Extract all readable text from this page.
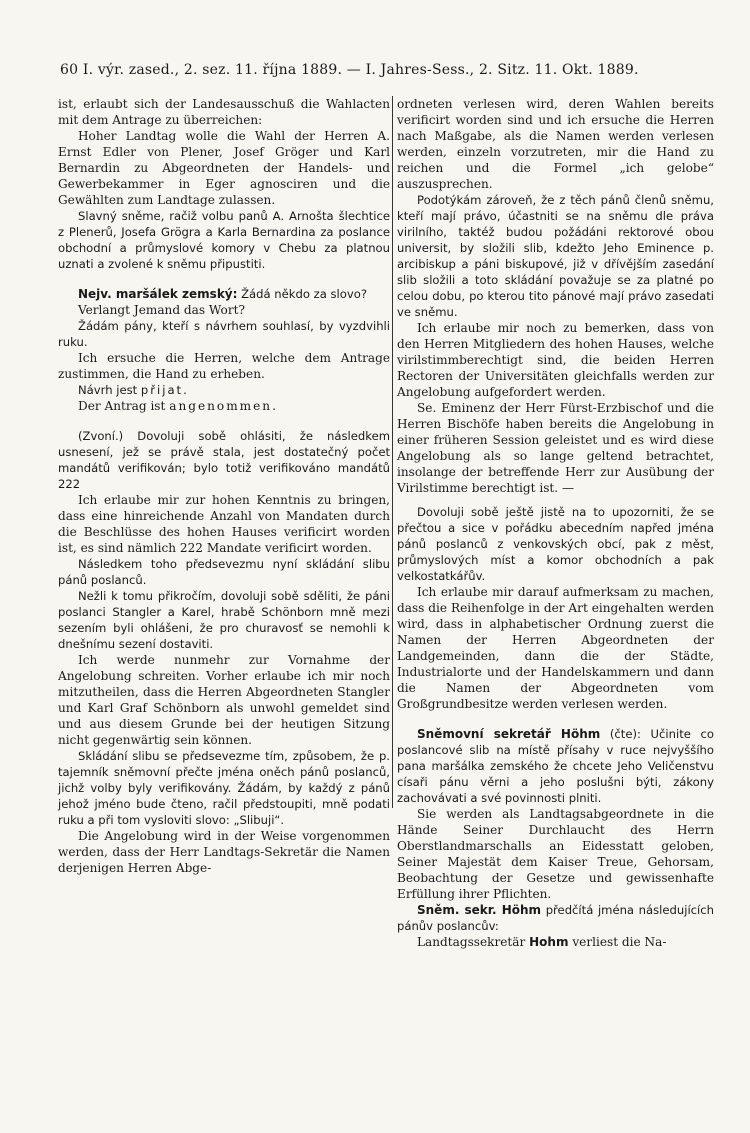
60 I. výr. zased., 2. sez. 11. října 1889. — I. Jahres-Sess., 2. Sitz. 11. Okt. 1889.

ist, erlaubt sich der Landesausschuß die Wahlacten mit dem Antrage zu überreichen:

Hoher Landtag wolle die Wahl der Herren A. Ernst Edler von Plener, Josef Gröger und Karl Bernardin zu Abgeordneten der Handels- und Gewerbekammer in Eger agnosciren und die Gewählten zum Landtage zulassen.

Slavný sněme, račiž volbu panů A. Arnošta šlechtice z Plenerů, Josefa Grögra a Karla Bernardina za poslance obchodní a průmyslové komory v Chebu za platnou uznati a zvolené k sněmu připustiti.

Nejv. maršálek zemský: Žádá někdo za slovo?

Verlangt Jemand das Wort?

Žádám pány, kteří s návrhem souhlasí, by vyzdvihli ruku.

Ich ersuche die Herren, welche dem Antrage zustimmen, die Hand zu erheben.

Návrh jest přijat.

Der Antrag ist angenommen.

(Zvoní.) Dovoluji sobě ohlásiti, že následkem usnesení, jež se právě stala, jest dostatečný počet mandátů verifikován; bylo totiž verifikováno mandátů 222

Ich erlaube mir zur hohen Kenntnis zu bringen, dass eine hinreichende Anzahl von Mandaten durch die Beschlüsse des hohen Hauses verificirt worden ist, es sind nämlich 222 Mandate verificirt worden.

Následkem toho předsevezmu nyní skládání slibu pánů poslanců.

Nežli k tomu přikročím, dovoluji sobě sděliti, že páni poslanci Stangler a Karel, hrabě Schönborn mně mezi sezením byli ohlášeni, že pro churavosť se nemohli k dnešnímu sezení dostaviti.

Ich werde nunmehr zur Vornahme der Angelobung schreiten. Vorher erlaube ich mir noch mitzutheilen, dass die Herren Abgeordneten Stangler und Karl Graf Schönborn als unwohl gemeldet sind und aus diesem Grunde bei der heutigen Sitzung nicht gegenwärtig sein können.

Skládání slibu se předsevezme tím, způsobem, že p. tajemník sněmovní přečte jména oněch pánů poslanců, jichž volby byly verifikovány. Žádám, by každý z pánů jehož jméno bude čteno, račil předstoupiti, mně podati ruku a při tom vysloviti slovo: „Slibuji“.

Die Angelobung wird in der Weise vorgenommen werden, dass der Herr Landtags-Sekretär die Namen derjenigen Herren Abge-

ordneten verlesen wird, deren Wahlen bereits verificirt worden sind und ich ersuche die Herren nach Maßgabe, als die Namen werden verlesen werden, einzeln vorzutreten, mir die Hand zu reichen und die Formel „ich gelobe“ auszusprechen.

Podotýkám zároveň, že z těch pánů členů sněmu, kteří mají právo, účastniti se na sněmu dle práva virilního, taktéž budou požádáni rektorové obou universit, by složili slib, kdežto Jeho Eminence p. arcibiskup a páni biskupové, již v dřívějším zasedání slib složili a toto skládání považuje se za platné po celou dobu, po kterou tito pánové mají právo zasedati ve sněmu.

Ich erlaube mir noch zu bemerken, dass von den Herren Mitgliedern des hohen Hauses, welche virilstimmberechtigt sind, die beiden Herren Rectoren der Universitäten gleichfalls werden zur Angelobung aufgefordert werden.

Se. Eminenz der Herr Fürst-Erzbischof und die Herren Bischöfe haben bereits die Angelobung in einer früheren Session geleistet und es wird diese Angelobung als so lange geltend betrachtet, insolange der betreffende Herr zur Ausübung der Virilstimme berechtigt ist. —

Dovoluji sobě ještě jistě na to upozorniti, že se přečtou a sice v pořádku abecedním napřed jména pánů poslanců z venkovských obcí, pak z měst, průmyslových míst a komor obchodních a pak velkostatkářův.

Ich erlaube mir darauf aufmerksam zu machen, dass die Reihenfolge in der Art eingehalten werden wird, dass in alphabetischer Ordnung zuerst die Namen der Herren Abgeordneten der Landgemeinden, dann die der Städte, Industrialorte und der Handelskammern und dann die Namen der Abgeordneten vom Großgrundbesitze werden verlesen werden.

Sněmovní sekretář Höhm (čte): Učinite co poslancové slib na místě přísahy v ruce nejvyššího pana maršálka zemského že chcete Jeho Veličenstvu císaři pánu věrni a jeho poslušni býti, zákony zachovávati a své povinnosti plniti.

Sie werden als Landtagsabgeordnete in die Hände Seiner Durchlaucht des Herrn Oberstlandmarschalls an Eidesstatt geloben, Seiner Majestät dem Kaiser Treue, Gehorsam, Beobachtung der Gesetze und gewissenhafte Erfüllung ihrer Pflichten.

Sněm. sekr. Höhm předčítá jména následujících pánův poslancův:

Landtagssekretär Hohm verliest die Na-
